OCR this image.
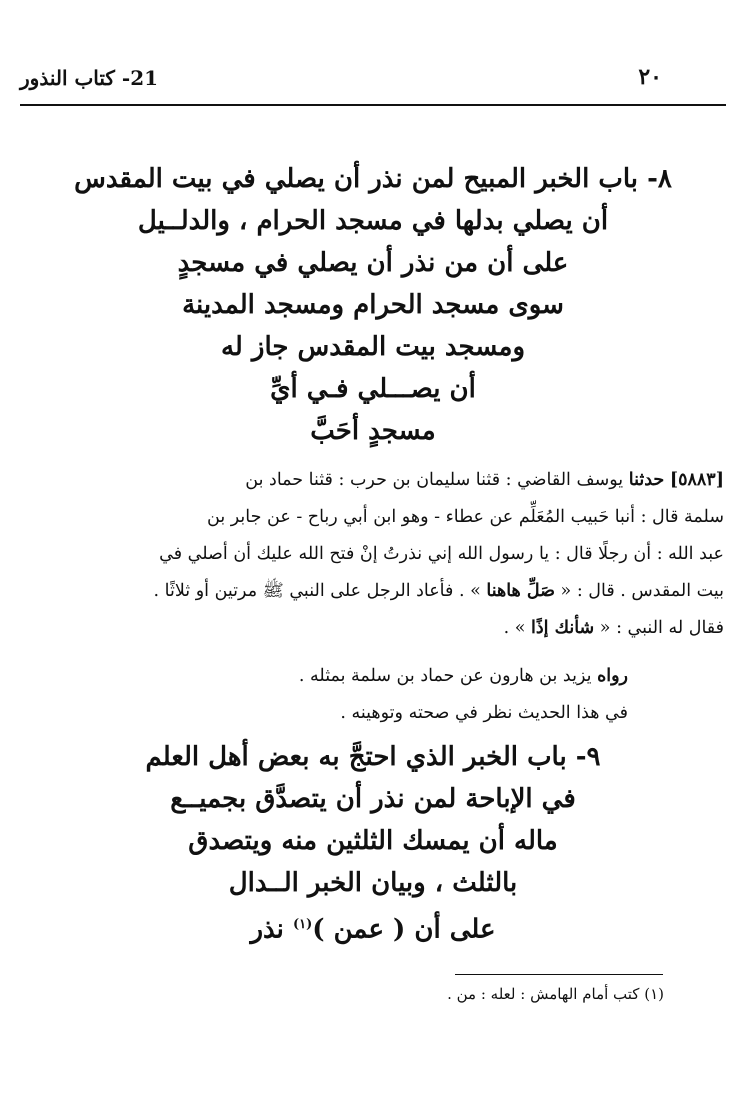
٢٠
21- كتاب النذور
٨- باب الخبر المبيح لمن نذر أن يصلي في بيت المقدس
أن يصلي بدلها في مسجد الحرام ، والدلــيل
على أن من نذر أن يصلي في مسجدٍ
سوى مسجد الحرام ومسجد المدينة
ومسجد بيت المقدس جاز له
أن يصـــلي فـي أيِّ
مسجدٍ أحَبَّ
[٥٨٨٣] حدثنا يوسف القاضي : قثنا سليمان بن حرب : قثنا حماد بن
سلمة قال : أنبا حَبيب المُعَلِّم عن عطاء - وهو ابن أبي رباح - عن جابر بن
عبد الله : أن رجلًا قال : يا رسول الله إني نذرتُ إنْ فتح الله عليك أن أصلي في
بيت المقدس . قال : « صَلِّ هاهنا » . فأعاد الرجل على النبي ﷺ مرتين أو ثلاثًا .
فقال له النبي : « شأنك إذًا » .
رواه يزيد بن هارون عن حماد بن سلمة بمثله .
في هذا الحديث نظر في صحته وتوهينه .
٩- باب الخبر الذي احتجَّ به بعض أهل العلم
في الإباحة لمن نذر أن يتصدَّق بجميــع
ماله أن يمسك الثلثين منه ويتصدق
بالثلث ، وبيان الخبر الــدال
على أن ( عمن )$^{(١)}$ نذر
(١) كتب أمام الهامش : لعله : من .
